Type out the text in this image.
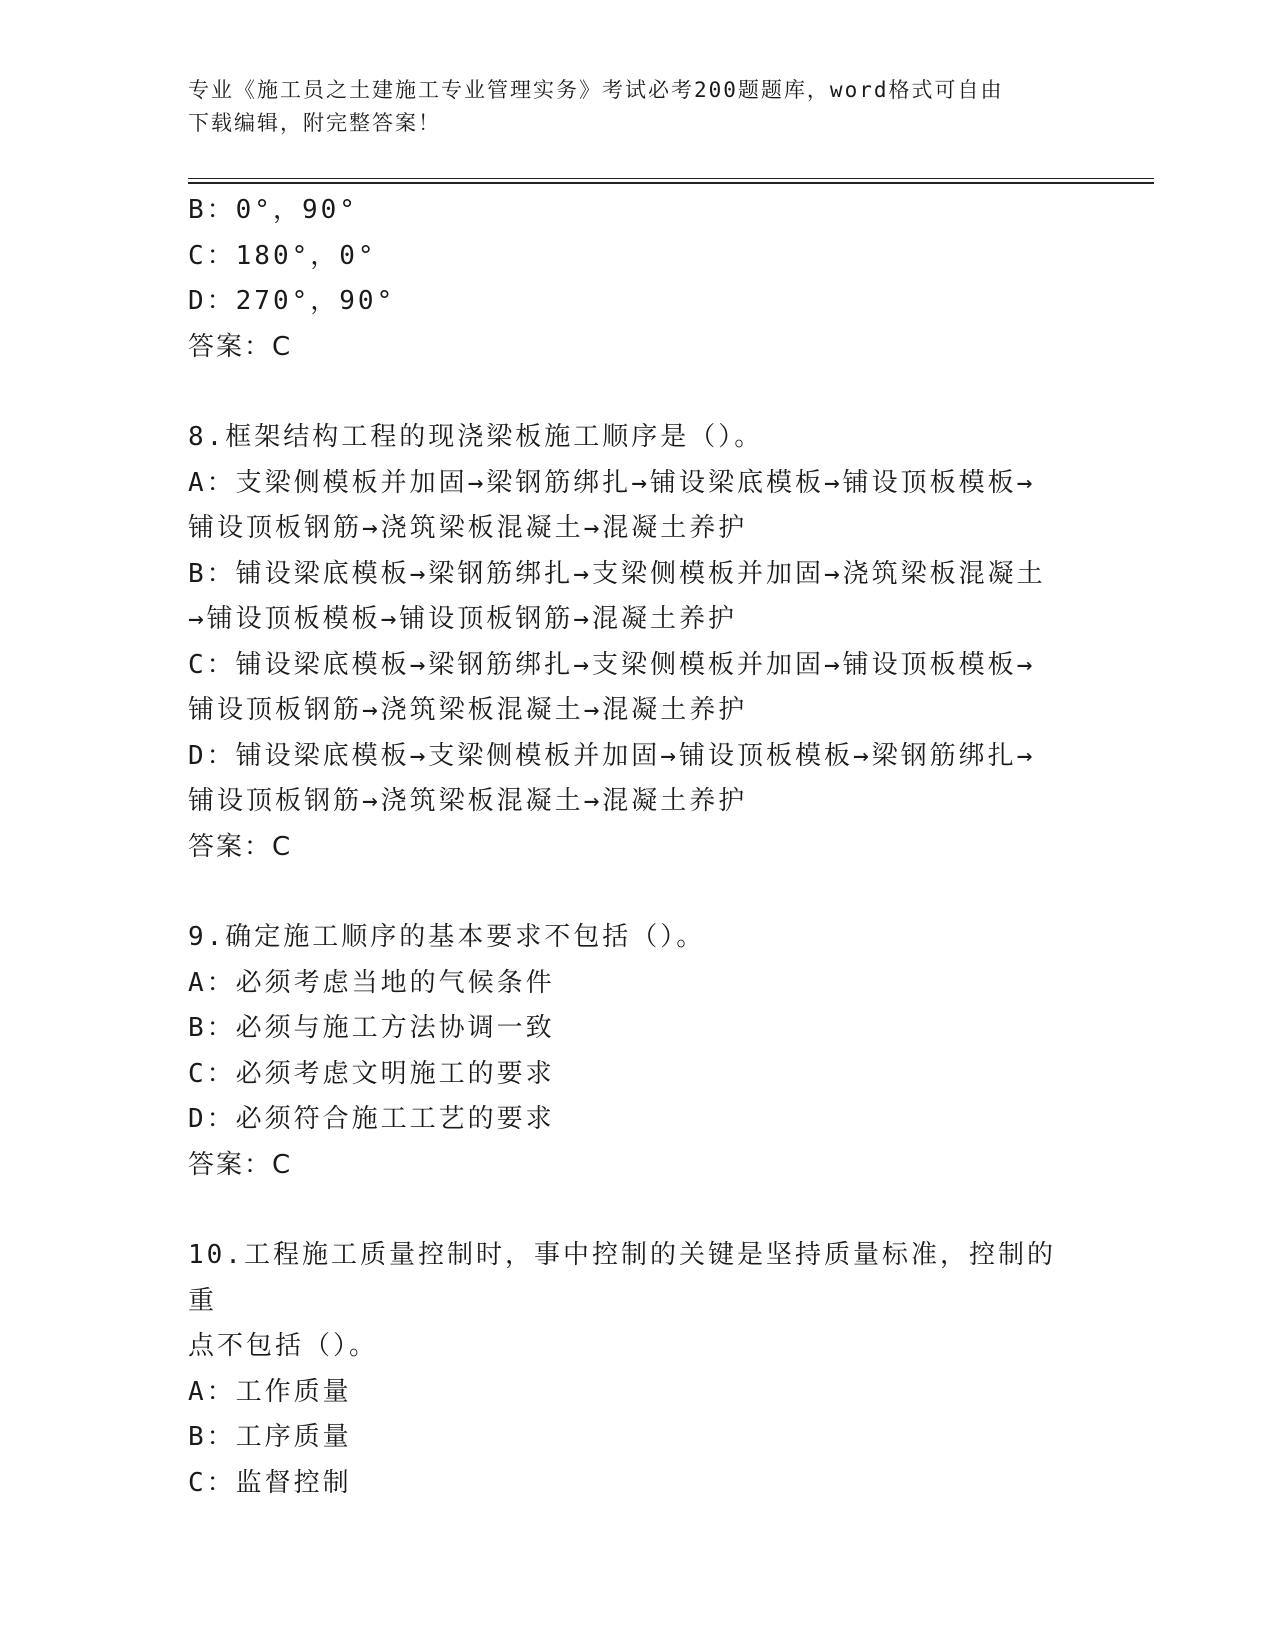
专业《施工员之土建施工专业管理实务》考试必考200题题库，word格式可自由
下载编辑，附完整答案！
B：0°，90°
C：180°，0°
D：270°，90°
答案：C
8.框架结构工程的现浇梁板施工顺序是（）。
A：支梁侧模板并加固→梁钢筋绑扎→铺设梁底模板→铺设顶板模板→
铺设顶板钢筋→浇筑梁板混凝土→混凝土养护
B：铺设梁底模板→梁钢筋绑扎→支梁侧模板并加固→浇筑梁板混凝土
→铺设顶板模板→铺设顶板钢筋→混凝土养护
C：铺设梁底模板→梁钢筋绑扎→支梁侧模板并加固→铺设顶板模板→
铺设顶板钢筋→浇筑梁板混凝土→混凝土养护
D：铺设梁底模板→支梁侧模板并加固→铺设顶板模板→梁钢筋绑扎→
铺设顶板钢筋→浇筑梁板混凝土→混凝土养护
答案：C
9.确定施工顺序的基本要求不包括（）。
A：必须考虑当地的气候条件
B：必须与施工方法协调一致
C：必须考虑文明施工的要求
D：必须符合施工工艺的要求
答案：C
10.工程施工质量控制时，事中控制的关键是坚持质量标准，控制的重
点不包括（）。
A：工作质量
B：工序质量
C：监督控制
